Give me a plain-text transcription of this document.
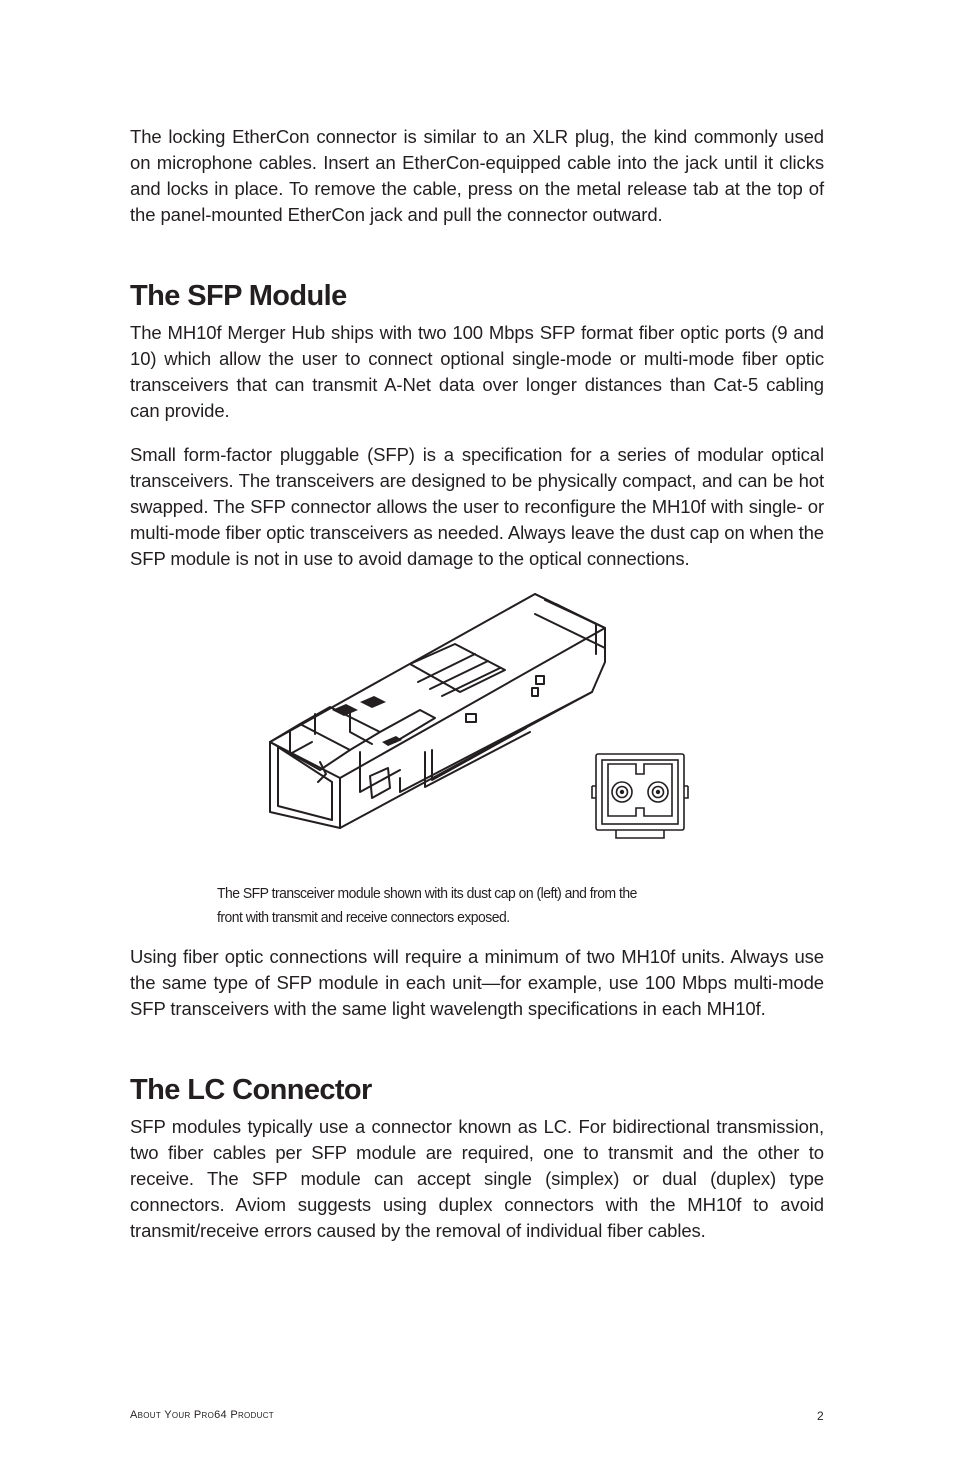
The locking EtherCon connector is similar to an XLR plug, the kind commonly used on microphone cables. Insert an EtherCon-equipped cable into the jack until it clicks and locks in place. To remove the cable, press on the metal release tab at the top of the panel-mounted EtherCon jack and pull the connector outward.

The SFP Module

The MH10f Merger Hub ships with two 100 Mbps SFP format fiber optic ports (9 and 10) which allow the user to connect optional single-mode or multi-mode fiber optic transceivers that can transmit A-Net data over longer distances than Cat-5 cabling can provide.

Small form-factor pluggable (SFP) is a specification for a series of modular optical transceivers. The transceivers are designed to be physically compact, and can be hot swapped. The SFP connector allows the user to reconfigure the MH10f with single- or multi-mode fiber optic transceivers as needed. Always leave the dust cap on when the SFP module is not in use to avoid damage to the optical connections.

The SFP transceiver module shown with its dust cap on (left) and from the
front with transmit and receive connectors exposed.

Using fiber optic connections will require a minimum of two MH10f units. Always use the same type of SFP module in each unit—for example, use 100 Mbps multi-mode SFP transceivers with the same light wavelength specifications in each MH10f.

The LC Connector

SFP modules typically use a connector known as LC. For bidirectional transmission, two fiber cables per SFP module are required, one to transmit and the other to receive. The SFP module can accept single (simplex) or dual (duplex) type connectors. Aviom suggests using duplex connectors with the MH10f to avoid transmit/receive errors caused by the removal of individual fiber cables.

About Your Pro64 Product	2
